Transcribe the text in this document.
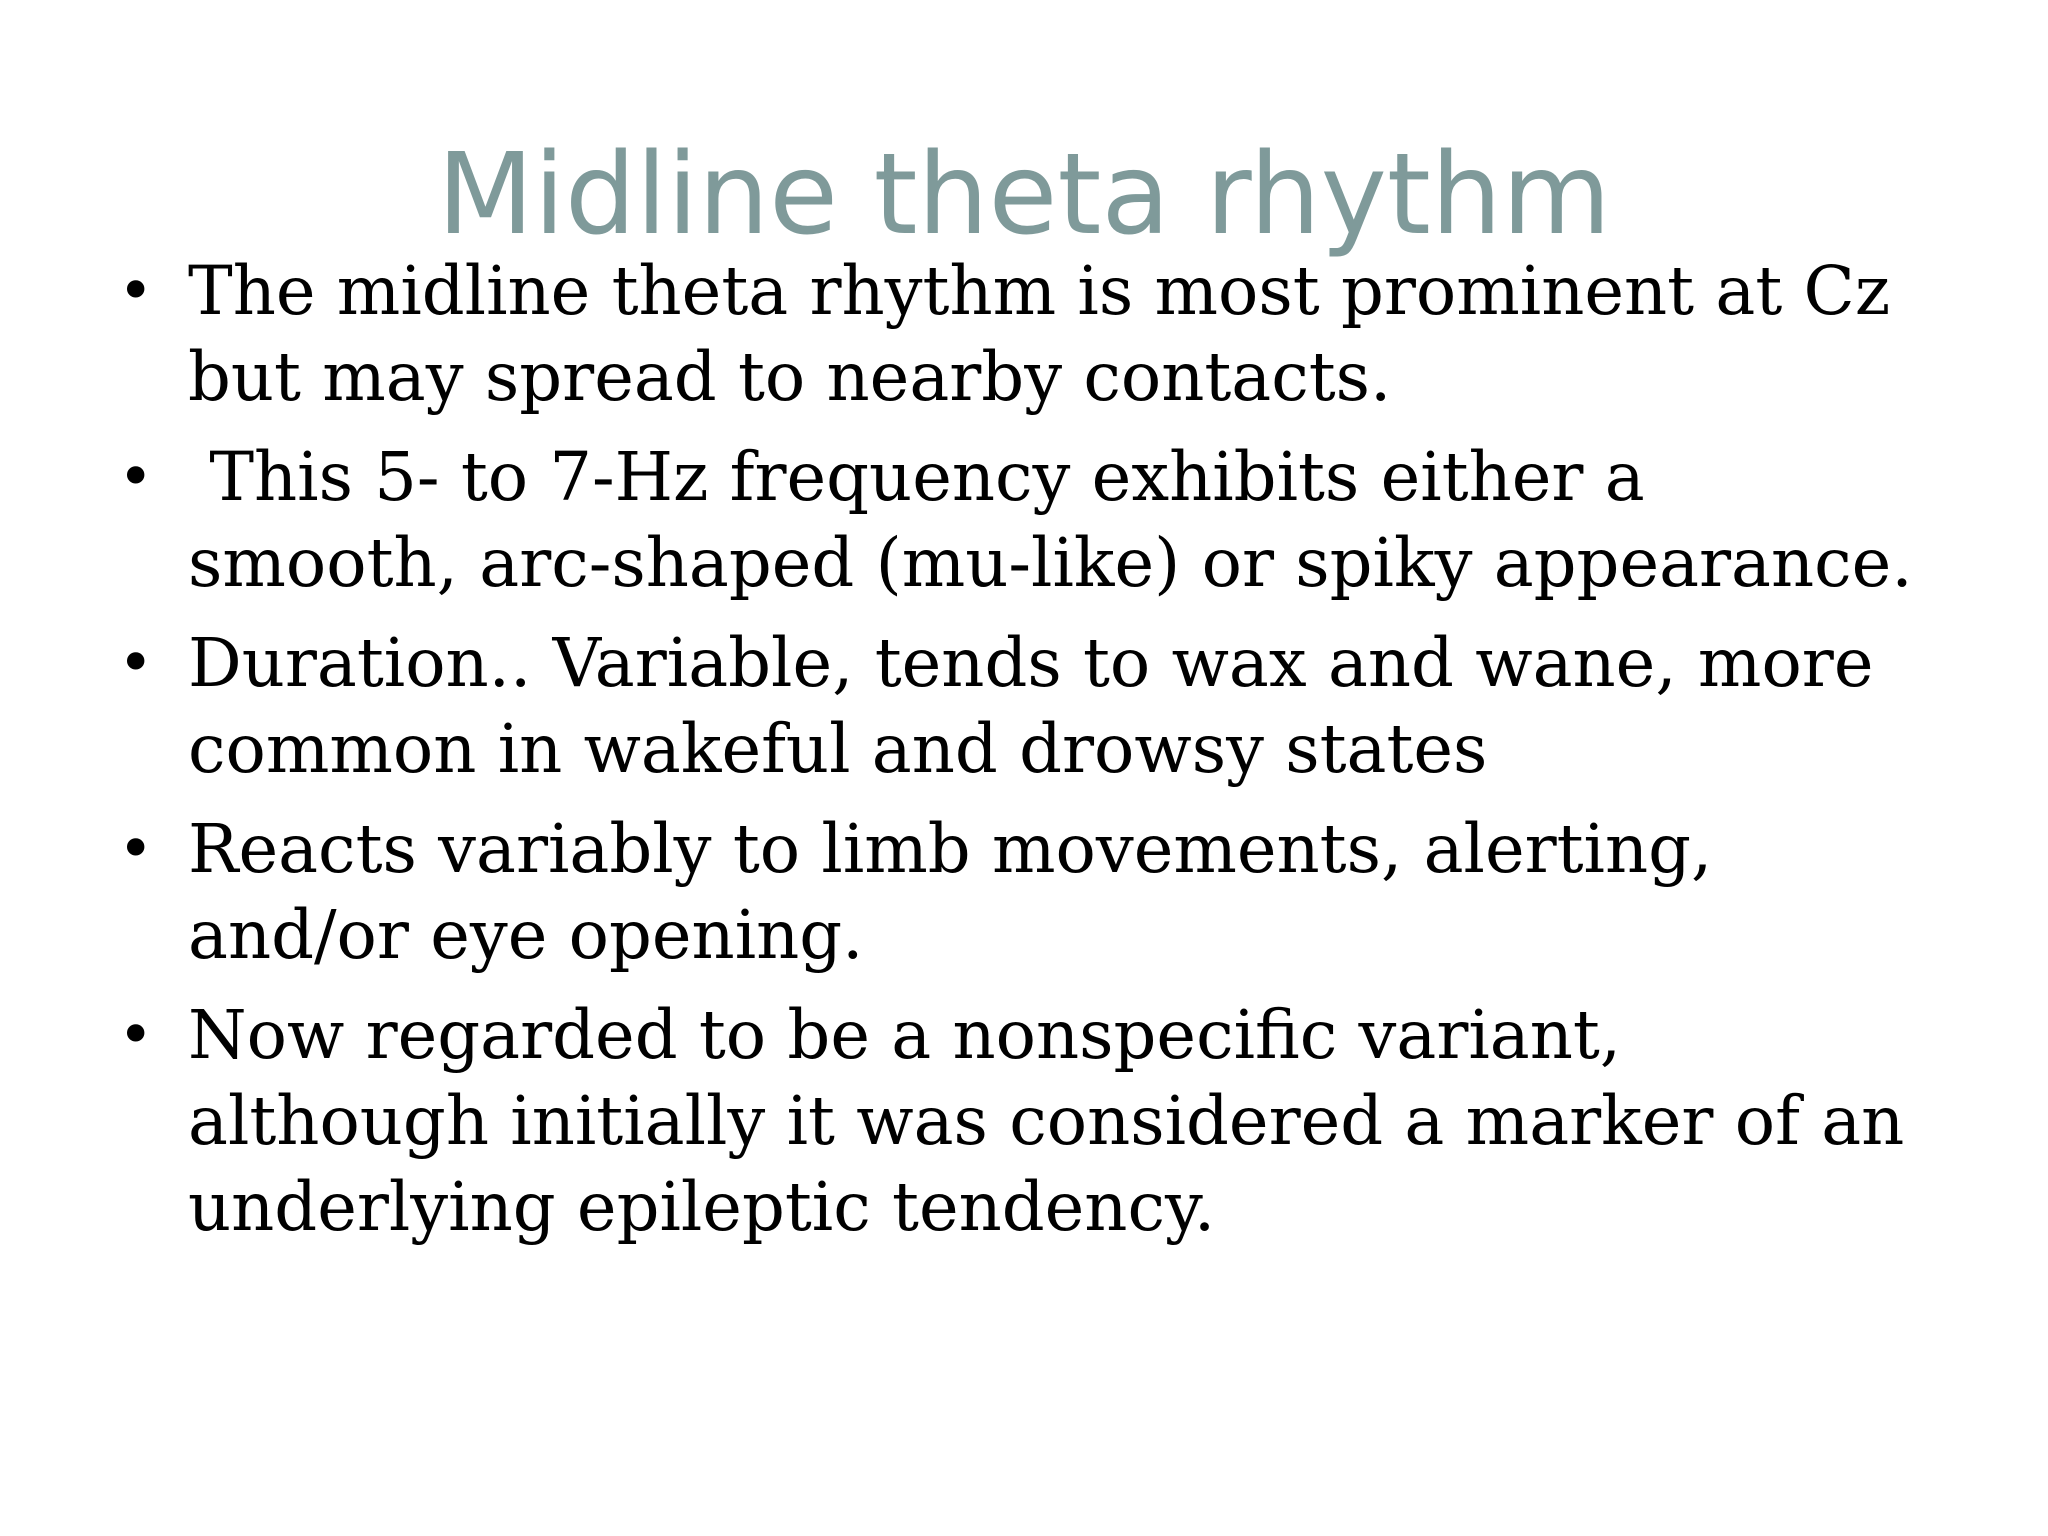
Midline theta rhythm
• The midline theta rhythm is most prominent at Cz but may spread to nearby contacts.
• This 5- to 7-Hz frequency exhibits either a smooth, arc-shaped (mu-like) or spiky appearance.
• Duration.. Variable, tends to wax and wane, more common in wakeful and drowsy states
• Reacts variably to limb movements, alerting, and/or eye opening.
• Now regarded to be a nonspecific variant, although initially it was considered a marker of an underlying epileptic tendency.
